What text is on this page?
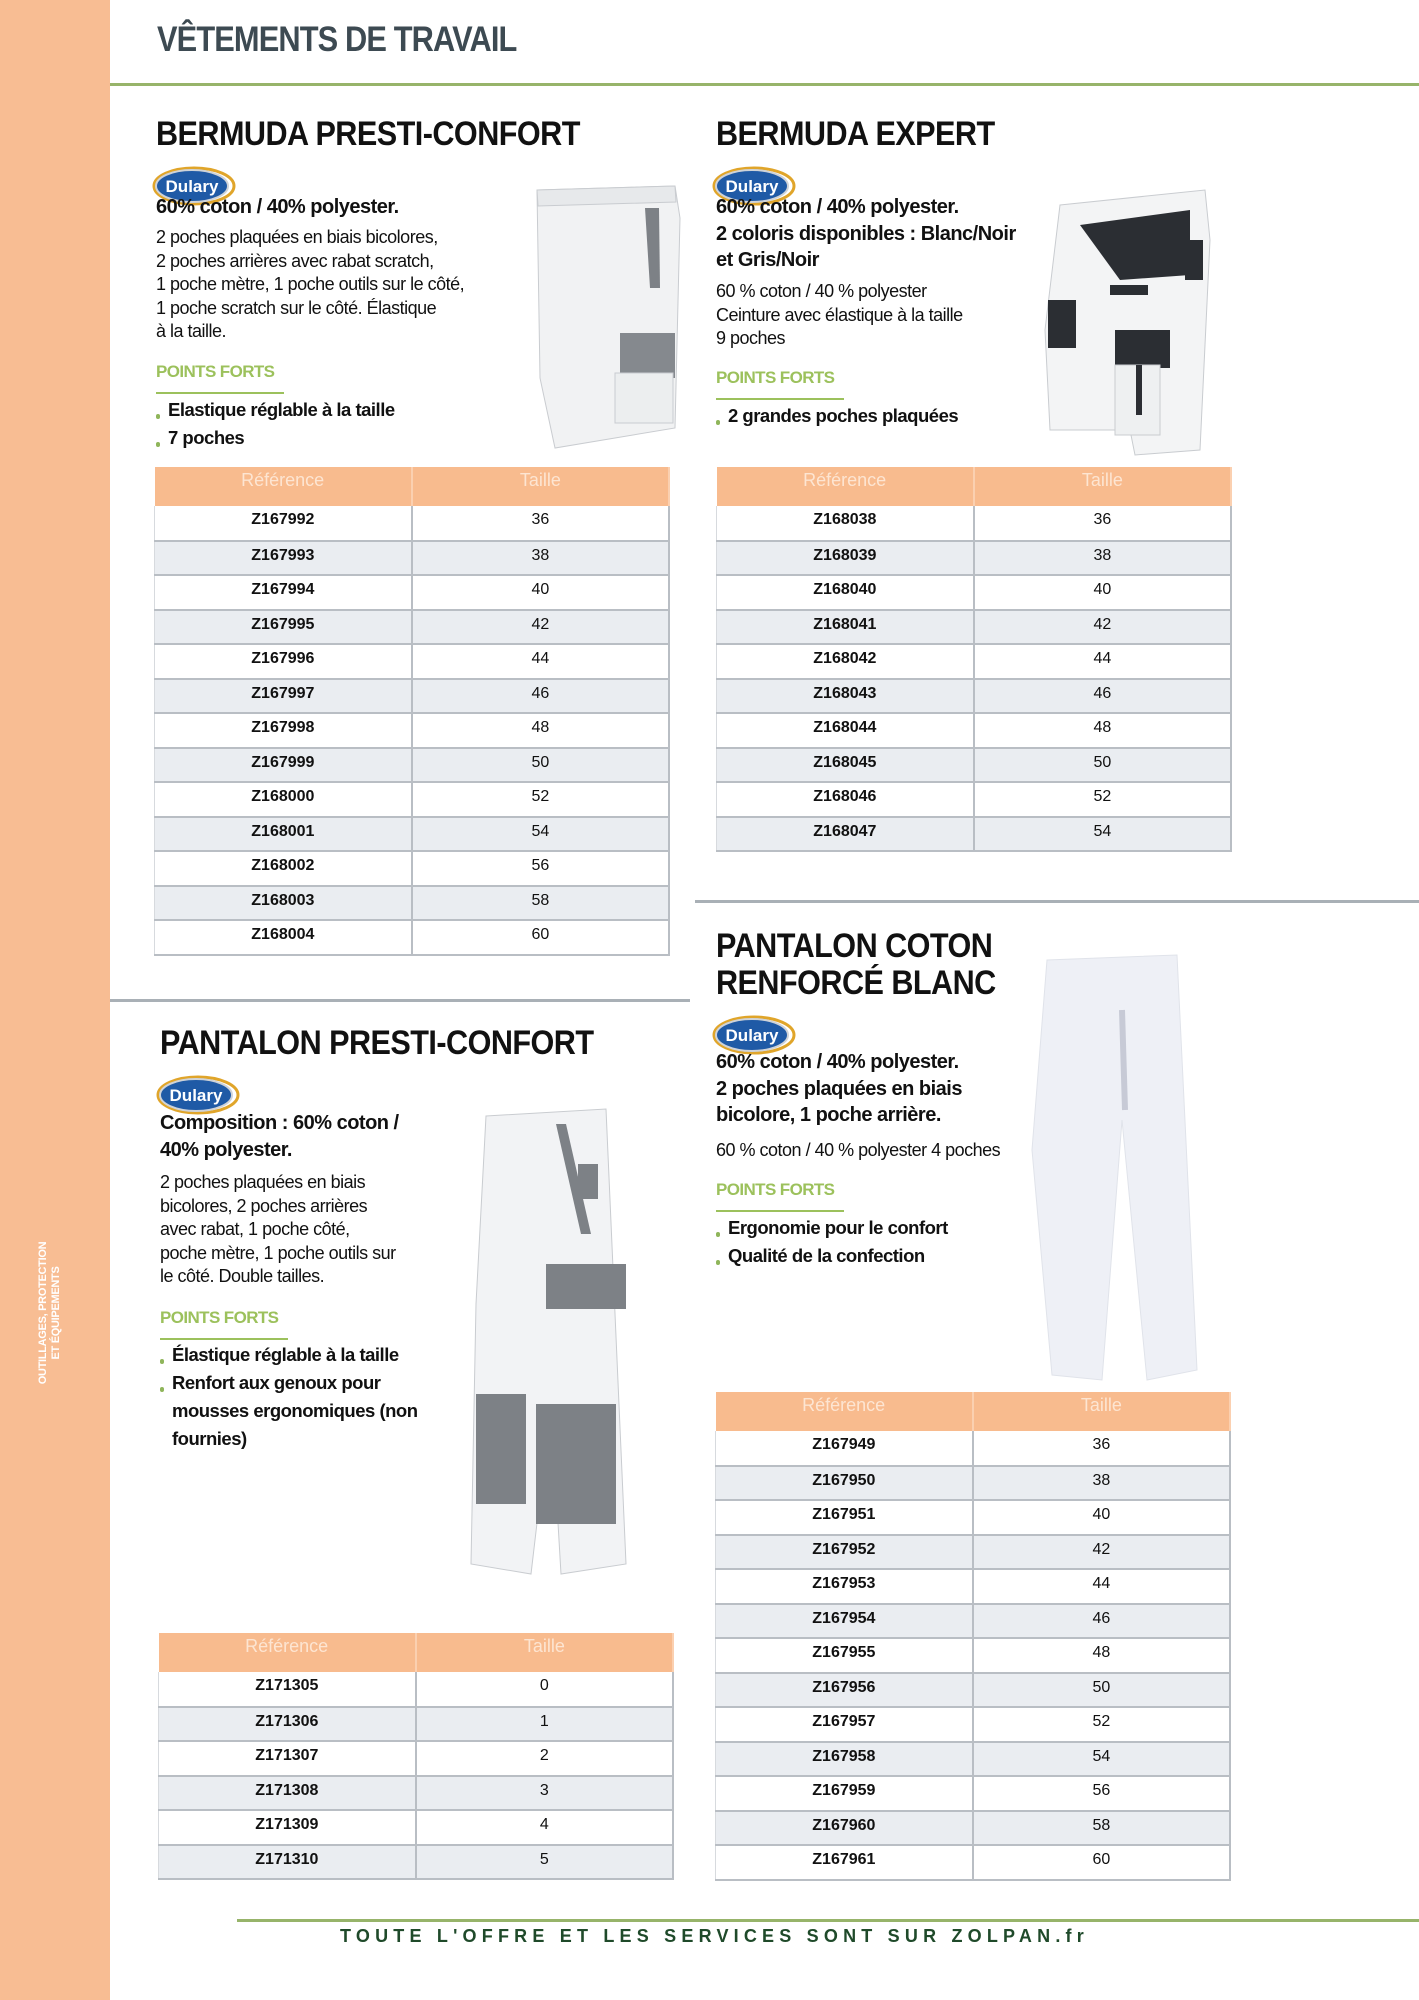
OUTILLAGES, PROTECTION ET ÉQUIPEMENTS
VÊTEMENTS DE TRAVAIL
TOUTE L'OFFRE ET LES SERVICES SONT SUR ZOLPAN.fr
BERMUDA PRESTI-CONFORT
Dulary
60% coton / 40% polyester.
2 poches plaquées en biais bicolores,
2 poches arrières avec rabat scratch,
1 poche mètre, 1 poche outils sur le côté,
1 poche scratch sur le côté. Élastique
à la taille.
POINTS FORTS
Elastique réglable à la taille
7 poches
Référence	Taille
Z167992	36
Z167993	38
Z167994	40
Z167995	42
Z167996	44
Z167997	46
Z167998	48
Z167999	50
Z168000	52
Z168001	54
Z168002	56
Z168003	58
Z168004	60
BERMUDA EXPERT
Dulary
60% coton / 40% polyester.
2 coloris disponibles : Blanc/Noir
et Gris/Noir
60 % coton / 40 % polyester
Ceinture avec élastique à la taille
9 poches
POINTS FORTS
2 grandes poches plaquées
Référence	Taille
Z168038	36
Z168039	38
Z168040	40
Z168041	42
Z168042	44
Z168043	46
Z168044	48
Z168045	50
Z168046	52
Z168047	54
PANTALON PRESTI-CONFORT
Dulary
Composition : 60% coton /
40% polyester.
2 poches plaquées en biais
bicolores, 2 poches arrières
avec rabat, 1 poche côté,
poche mètre, 1 poche outils sur
le côté. Double tailles.
POINTS FORTS
Élastique réglable à la taille
Renfort aux genoux pour
mousses ergonomiques (non
fournies)
Référence	Taille
Z171305	0
Z171306	1
Z171307	2
Z171308	3
Z171309	4
Z171310	5
PANTALON COTON
RENFORCÉ BLANC
Dulary
60% coton / 40% polyester.
2 poches plaquées en biais
bicolore, 1 poche arrière.
60 % coton / 40 % polyester 4 poches
POINTS FORTS
Ergonomie pour le confort
Qualité de la confection
Référence	Taille
Z167949	36
Z167950	38
Z167951	40
Z167952	42
Z167953	44
Z167954	46
Z167955	48
Z167956	50
Z167957	52
Z167958	54
Z167959	56
Z167960	58
Z167961	60
